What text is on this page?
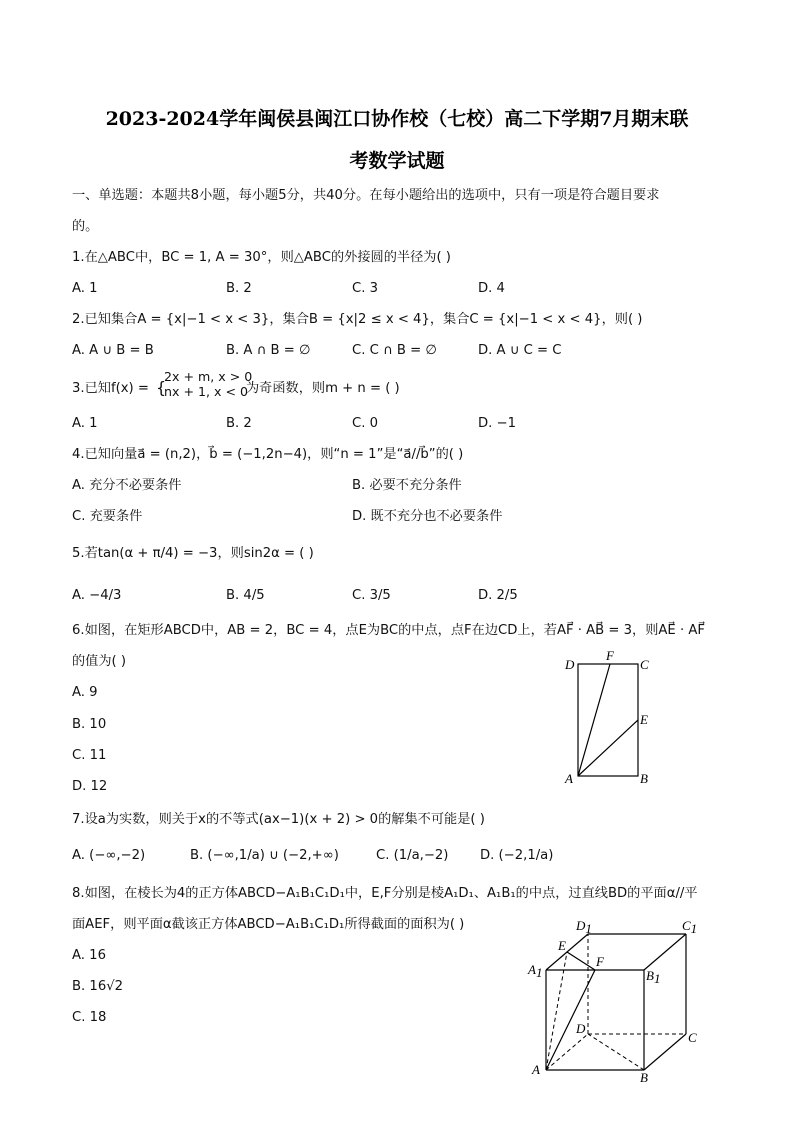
2023-2024学年闽侯县闽江口协作校（七校）高二下学期7月期末联
考数学试题
一、单选题：本题共8小题，每小题5分，共40分。在每小题给出的选项中，只有一项是符合题目要求
的。
1.在△ABC中，BC = 1, A = 30°，则△ABC的外接圆的半径为( )
A. 1	B. 2	C. 3	D. 4
2.已知集合A = {x|−1 < x < 3}，集合B = {x|2 ≤ x < 4}，集合C = {x|−1 < x < 4}，则( )
A. A ∪ B = B	B. A ∩ B = ∅	C. C ∩ B = ∅	D. A ∪ C = C
3.已知f(x) = {
2x + m, x > 0
nx + 1, x < 0
为奇函数，则m + n = ( )
A. 1	B. 2	C. 0	D. −1
4.已知向量a⃗ = (n,2)，b⃗ = (−1,2n−4)，则“n = 1”是“a⃗//b⃗”的( )
A. 充分不必要条件	B. 必要不充分条件
C. 充要条件	D. 既不充分也不必要条件
5.若tan(α + π/4) = −3，则sin2α = ( )
A. −4/3	B. 4/5	C. 3/5	D. 2/5
6.如图，在矩形ABCD中，AB = 2，BC = 4，点E为BC的中点，点F在边CD上，若AF⃗ · AB⃗ = 3，则AE⃗ · AF⃗
的值为( )
A. 9
B. 10
C. 11
D. 12
D
F
C
E
A	B
7.设a为实数，则关于x的不等式(ax−1)(x + 2) > 0的解集不可能是( )
A. (−∞,−2)	B. (−∞,1/a) ∪ (−2,+∞)	C. (1/a,−2) D. (−2,1/a)
8.如图，在棱长为4的正方体ABCD−A₁B₁C₁D₁中，E,F分别是棱A₁D₁、A₁B₁的中点，过直线BD的平面α//平
面AEF，则平面α截该正方体ABCD−A₁B₁C₁D₁所得截面的面积为( )
A. 16
B. 16√2
C. 18
D1	C1
E
A1
F
B1
D
C
A
B
